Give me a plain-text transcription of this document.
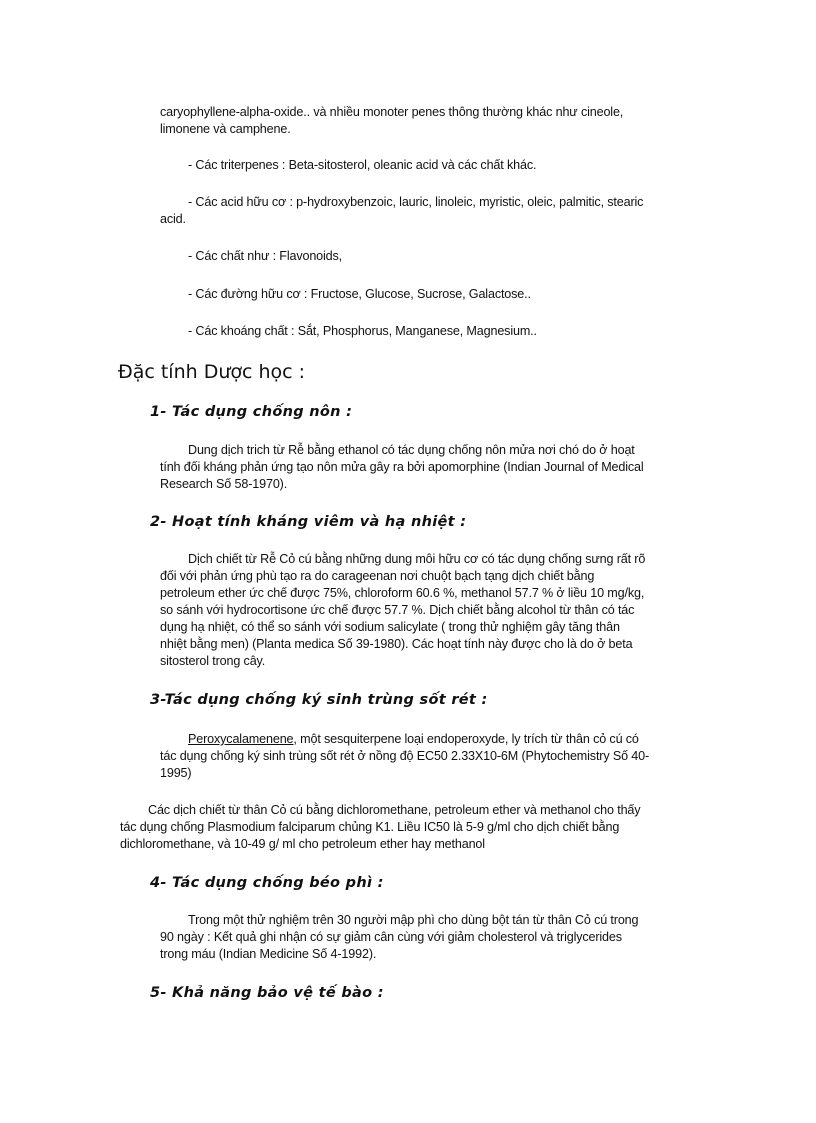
caryophyllene-alpha-oxide.. và nhiều monoter penes thông thường khác như cineole,

limonene và camphene.

- Các triterpenes : Beta-sitosterol, oleanic acid và các chất khác.

- Các acid hữu cơ : p-hydroxybenzoic, lauric, linoleic, myristic, oleic, palmitic, stearic

acid.

- Các chất như : Flavonoids,

- Các đường hữu cơ : Fructose, Glucose, Sucrose, Galactose..

- Các khoáng chất : Sắt, Phosphorus, Manganese, Magnesium..

Đặc tính Dược học :
1- Tác dụng chống nôn :

Dung dịch trich từ Rễ bằng ethanol có tác dụng chống nôn mửa nơi chó do ở hoạt

tính đối kháng phản ứng tạo nôn mửa gây ra bởi apomorphine (Indian Journal of Medical

Research Số 58-1970).

2- Hoạt tính kháng viêm và hạ nhiệt :

Dịch chiết từ Rễ Cỏ cú bằng những dung môi hữu cơ có tác dụng chống sưng rất rõ

đối với phản ứng phù tạo ra do carageenan nơi chuột bạch tạng dịch chiết bằng

petroleum ether ức chế được 75%, chloroform 60.6 %, methanol 57.7 % ở liều 10 mg/kg,

so sánh với hydrocortisone ức chế được 57.7 %. Dịch chiết bằng alcohol từ thân có tác

dụng hạ nhiệt, có thể so sánh với sodium salicylate ( trong thử nghiệm gây tăng thân

nhiệt bằng men) (Planta medica Số 39-1980). Các hoạt tính này được cho là do ở beta

sitosterol trong cây.

3-Tác dụng chống ký sinh trùng sốt rét :

Peroxycalamenene, một sesquiterpene loại endoperoxyde, ly trích từ thân cỏ cú có

tác dụng chống ký sinh trùng sốt rét ở nồng độ EC50 2.33X10-6M (Phytochemistry Số 40-

1995)

Các dịch chiết từ thân Cỏ cú bằng dichloromethane, petroleum ether và methanol cho thấy

tác dụng chống Plasmodium falciparum chủng K1. Liều IC50 là 5-9 g/ml cho dịch chiết bằng

dichloromethane, và 10-49 g/ ml cho petroleum ether hay methanol

4- Tác dụng chống béo phì :

Trong một thử nghiệm trên 30 người mập phì cho dùng bột tán từ thân Cỏ cú trong

90 ngày : Kết quả ghi nhận có sự giảm cân cùng với giảm cholesterol và triglycerides

trong máu (Indian Medicine Số 4-1992).

5- Khả năng bảo vệ tế bào :
